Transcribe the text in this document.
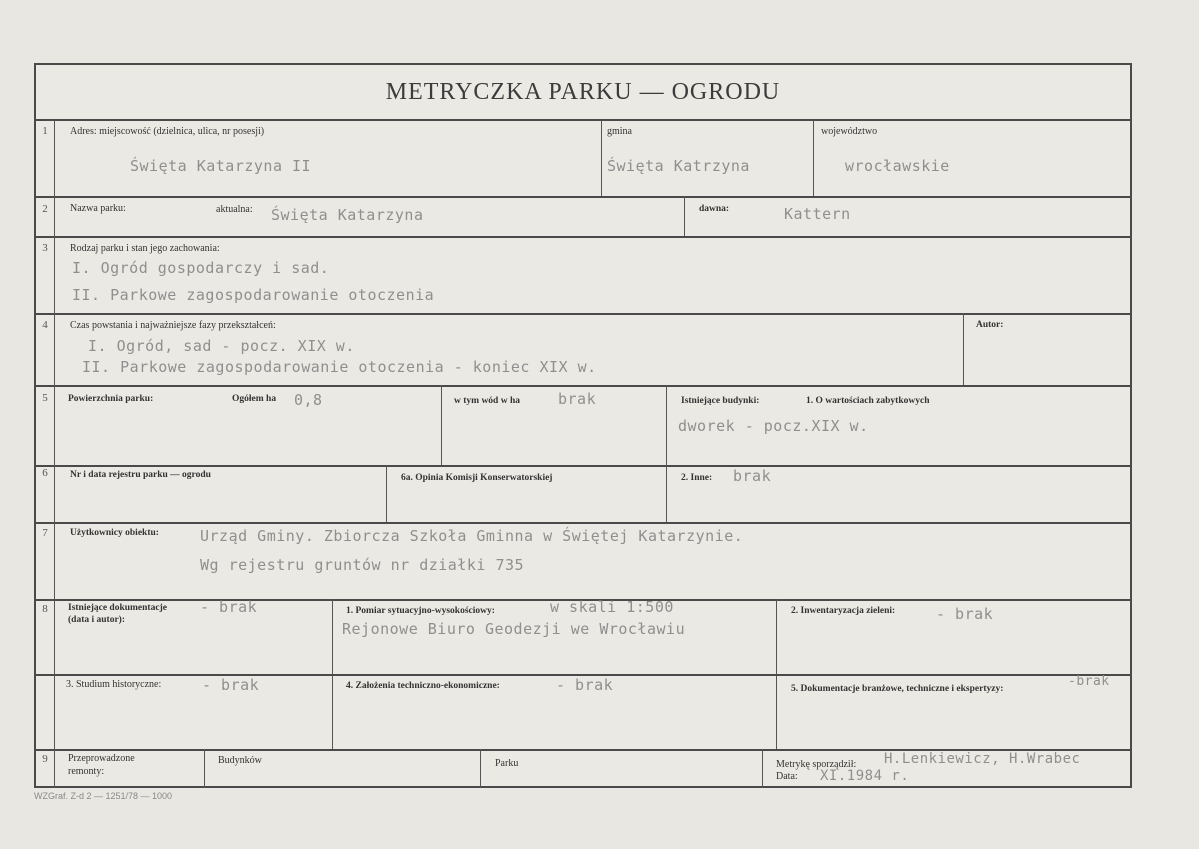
METRYCZKA PARKU — OGRODU
1	Adres: miejscowość (dzielnica, ulica, nr posesji)
Święta Katarzyna II
gmina
Święta Katrzyna
województwo
wrocławskie
2	Nazwa parku:	aktualna: Święta Katarzyna	dawna:	Kattern
3	Rodzaj parku i stan jego zachowania:
I. Ogród gospodarczy i sad.
II. Parkowe zagospodarowanie otoczenia
4	Czas powstania i najważniejsze fazy przekształceń:
I. Ogród, sad - pocz. XIX w.
II. Parkowe zagospodarowanie otoczenia - koniec XIX w.
Autor:
5	Powierzchnia parku:	Ogółem ha 0,8	w tym wód w ha	brak	Istniejące budynki:	1. O wartościach zabytkowych
dworek - pocz.XIX w.
6	Nr i data rejestru parku — ogrodu	6a. Opinia Komisji Konserwatorskiej	2. Inne: brak
7	Użytkownicy obiektu:	Urząd Gminy. Zbiorcza Szkoła Gminna w Świętej Katarzynie.
Wg rejestru gruntów nr działki 735
8	Istniejące dokumentacje
(data i autor):
- brak	1. Pomiar sytuacyjno-wysokościowy:	w skali 1:500
Rejonowe Biuro Geodezji we Wrocławiu
2. Inwentaryzacja zieleni:	- brak
3. Studium historyczne:	- brak	4. Założenia techniczno-ekonomiczne:	- brak	5. Dokumentacje branżowe, techniczne i ekspertyzy:	-brak
9	Przeprowadzone
remonty:
Budynków	Parku	Metrykę sporządził: H.Lenkiewicz, H.Wrabec
Data: XI.1984 r.
WZGraf. Z-d 2 — 1251/78 — 1000
